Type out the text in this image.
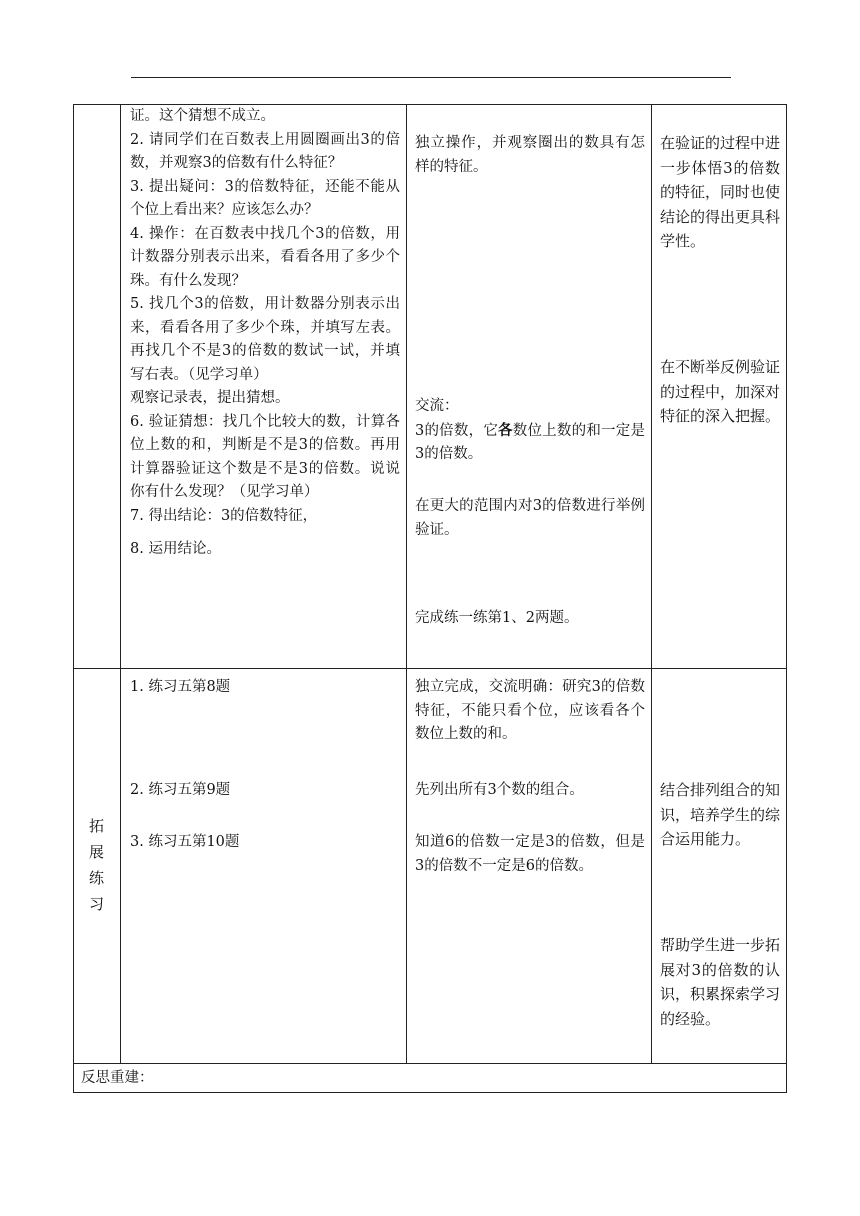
证。这个猜想不成立。

2. 请同学们在百数表上用圆圈画出3的倍数，并观察3的倍数有什么特征？

3. 提出疑问：3的倍数特征，还能不能从个位上看出来？应该怎么办？

4. 操作：在百数表中找几个3的倍数，用计数器分别表示出来，看看各用了多少个珠。有什么发现？

5. 找几个3的倍数，用计数器分别表示出来，看看各用了多少个珠，并填写左表。再找几个不是3的倍数的数试一试，并填写右表。（见学习单）

观察记录表，提出猜想。

6. 验证猜想：找几个比较大的数，计算各位上数的和，判断是不是3的倍数。再用计算器验证这个数是不是3的倍数。说说你有什么发现？（见学习单）

7. 得出结论：3的倍数特征，

8. 运用结论。

独立操作，并观察圈出的数具有怎样的特征。

交流：

3的倍数，它各数位上数的和一定是3的倍数。

在更大的范围内对3的倍数进行举例验证。

完成练一练第1、2两题。

在验证的过程中进一步体悟3的倍数的特征，同时也使结论的得出更具科学性。

在不断举反例验证的过程中，加深对特征的深入把握。

拓
展
练
习

1. 练习五第8题

2. 练习五第9题

3. 练习五第10题

独立完成，交流明确：研究3的倍数特征，不能只看个位，应该看各个数位上数的和。

先列出所有3个数的组合。

知道6的倍数一定是3的倍数，但是3的倍数不一定是6的倍数。

结合排列组合的知识，培养学生的综合运用能力。

帮助学生进一步拓展对3的倍数的认识，积累探索学习的经验。

反思重建：
